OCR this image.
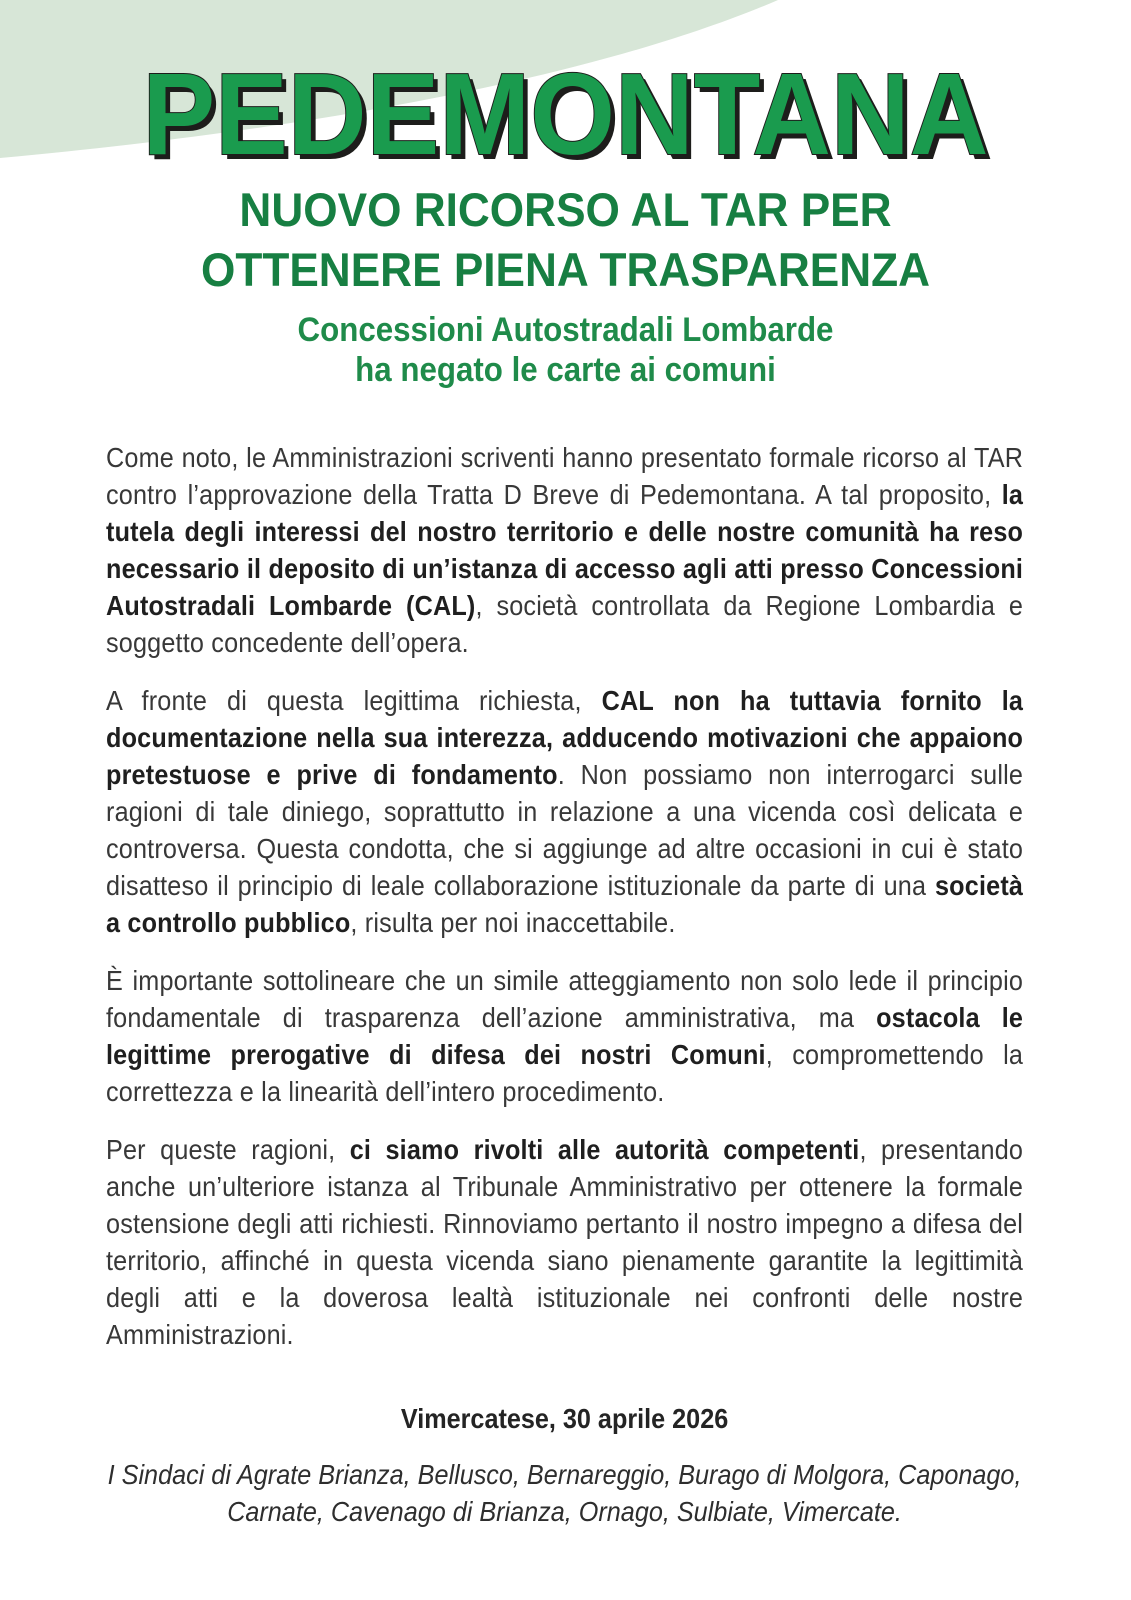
PEDEMONTANA
NUOVO RICORSO AL TAR PER
OTTENERE PIENA TRASPARENZA
Concessioni Autostradali Lombarde
ha negato le carte ai comuni

Come noto, le Amministrazioni scriventi hanno presentato formale ricorso al TAR contro l’approvazione della Tratta D Breve di Pedemontana. A tal proposito, la tutela degli interessi del nostro territorio e delle nostre comunità ha reso necessario il deposito di un’istanza di accesso agli atti presso Concessioni Autostradali Lombarde (CAL), società controllata da Regione Lombardia e soggetto concedente dell’opera.

A fronte di questa legittima richiesta, CAL non ha tuttavia fornito la documentazione nella sua interezza, adducendo motivazioni che appaiono pretestuose e prive di fondamento. Non possiamo non interrogarci sulle ragioni di tale diniego, soprattutto in relazione a una vicenda così delicata e controversa. Questa condotta, che si aggiunge ad altre occasioni in cui è stato disatteso il principio di leale collaborazione istituzionale da parte di una società a controllo pubblico, risulta per noi inaccettabile.

È importante sottolineare che un simile atteggiamento non solo lede il principio fondamentale di trasparenza dell’azione amministrativa, ma ostacola le legittime prerogative di difesa dei nostri Comuni, compromettendo la correttezza e la linearità dell’intero procedimento.

Per queste ragioni, ci siamo rivolti alle autorità competenti, presentando anche un’ulteriore istanza al Tribunale Amministrativo per ottenere la formale ostensione degli atti richiesti. Rinnoviamo pertanto il nostro impegno a difesa del territorio, affinché in questa vicenda siano pienamente garantite la legittimità degli atti e la doverosa lealtà istituzionale nei confronti delle nostre Amministrazioni.

Vimercatese, 30 aprile 2026

I Sindaci di Agrate Brianza, Bellusco, Bernareggio, Burago di Molgora, Caponago, Carnate, Cavenago di Brianza, Ornago, Sulbiate, Vimercate.
